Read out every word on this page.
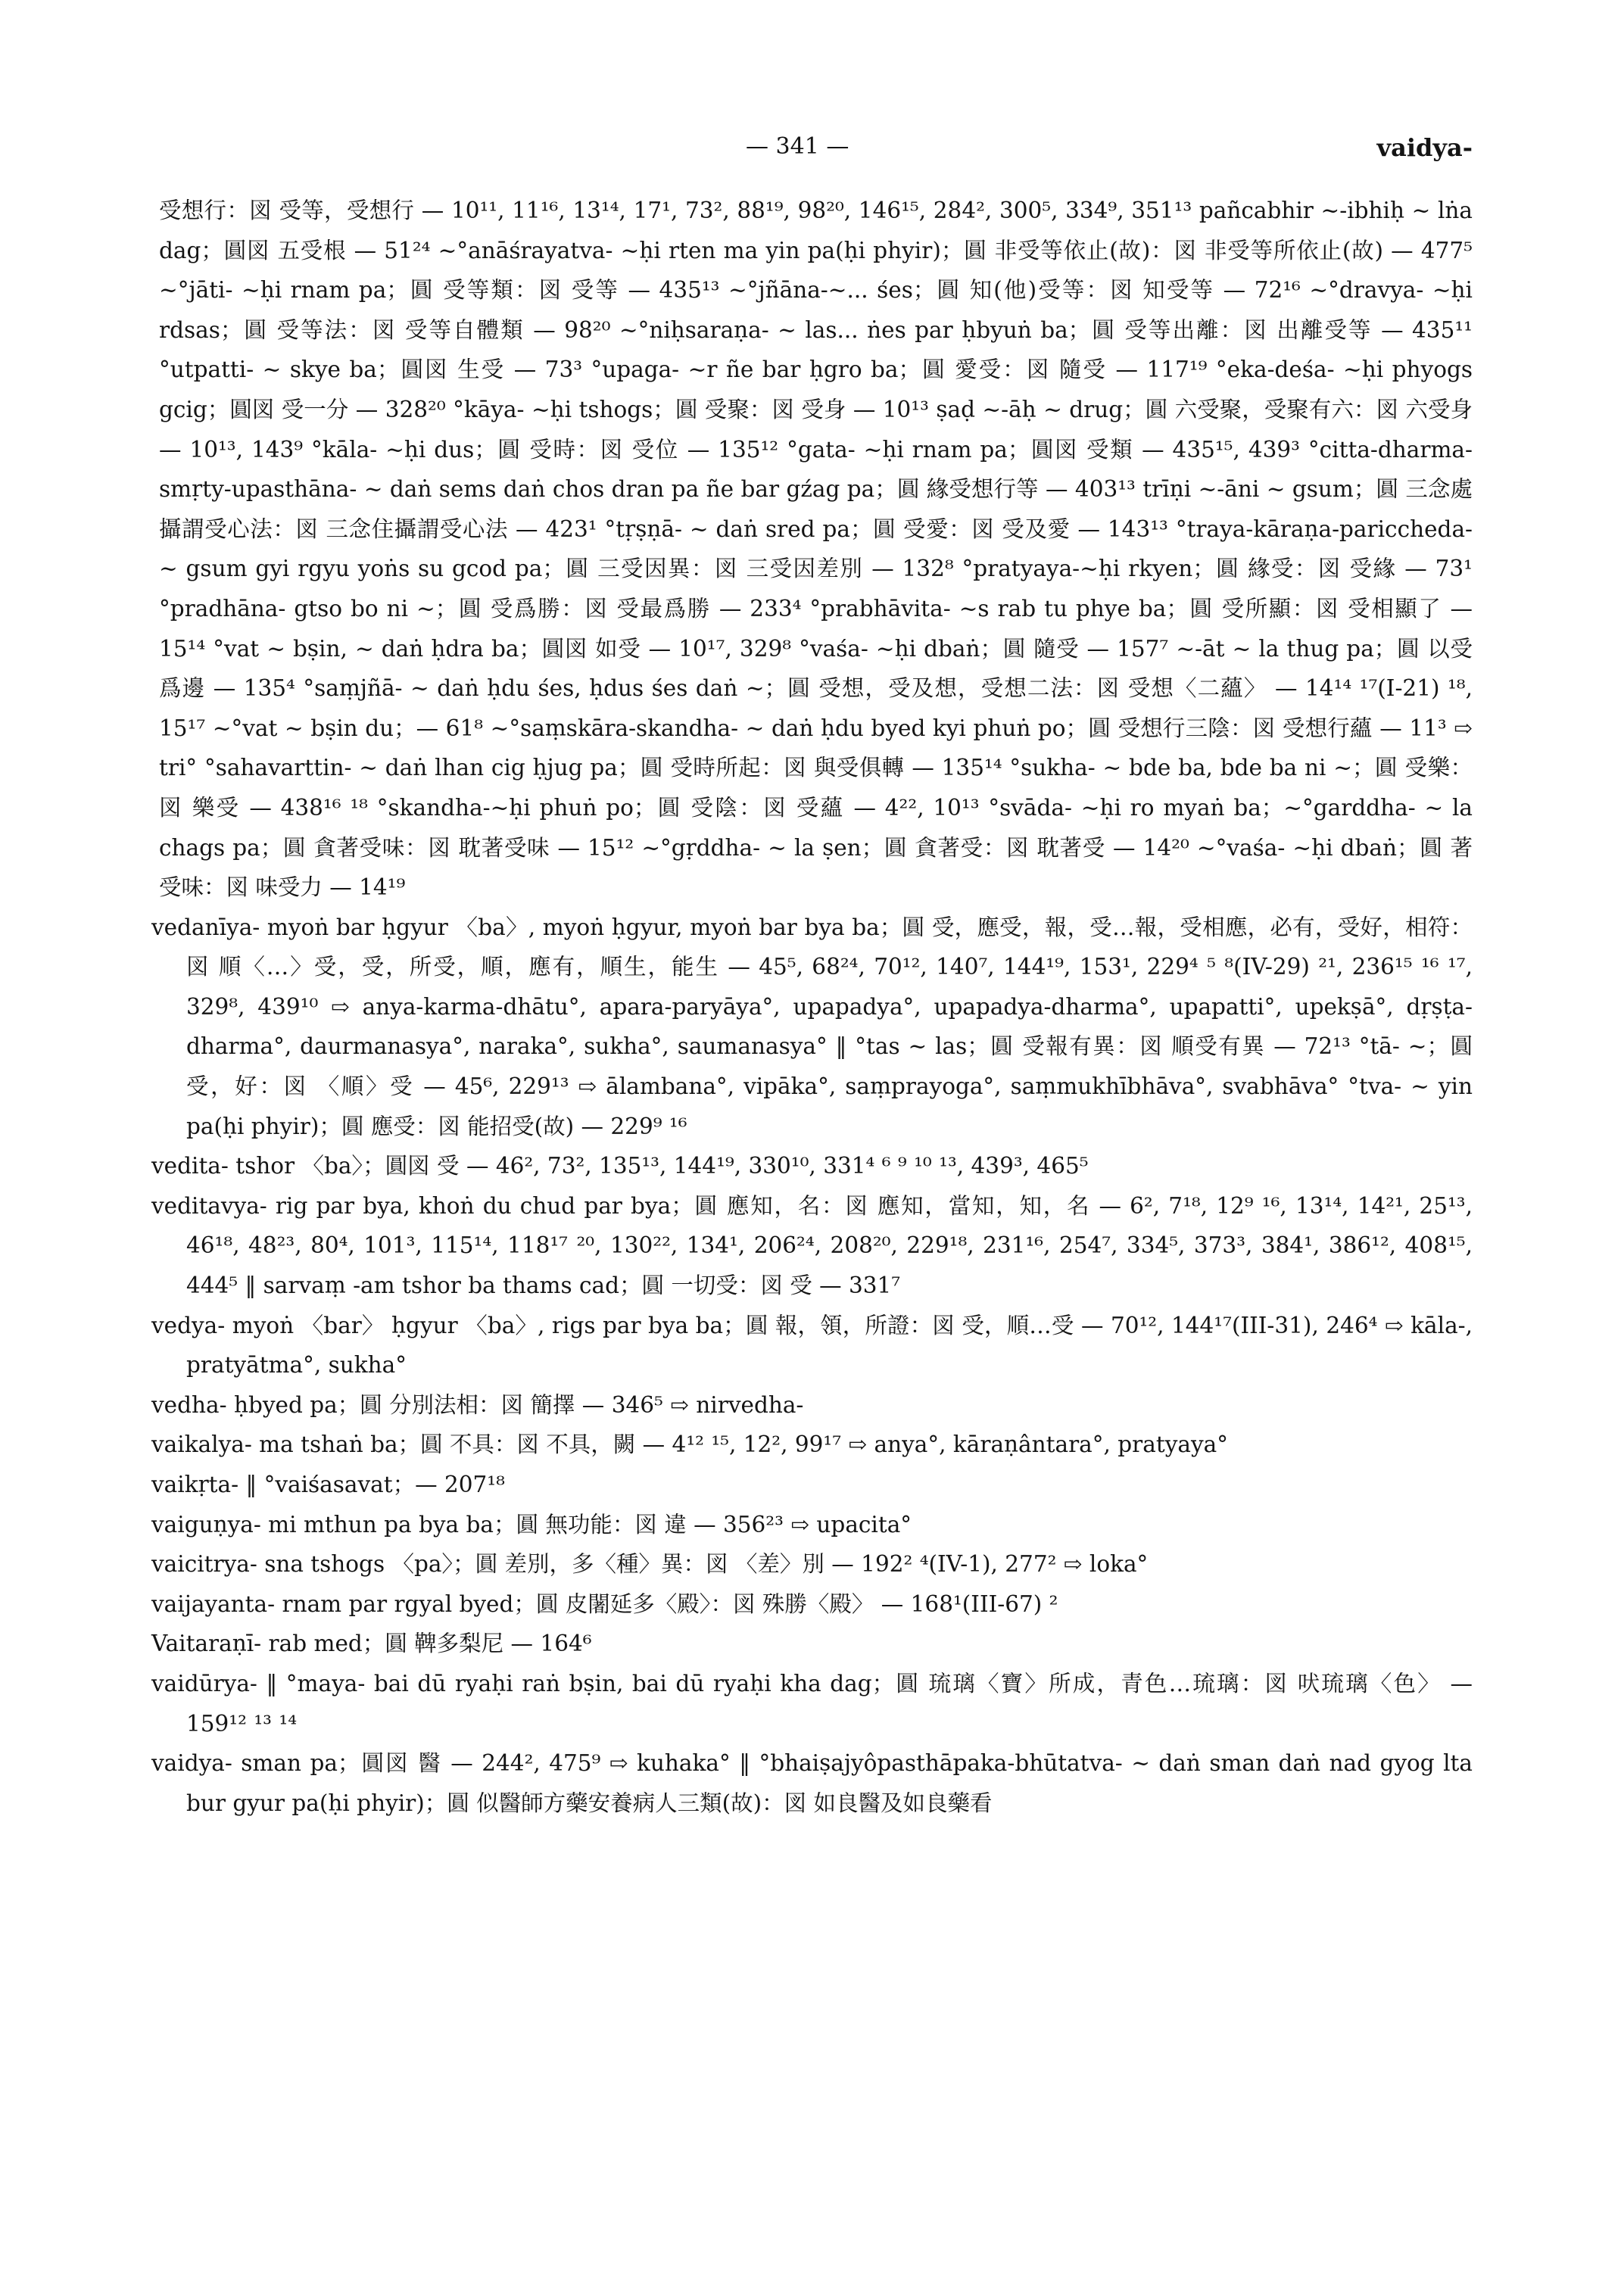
— 341 —	vaidya-
受想行：図 受等，受想行 — 10¹¹, 11¹⁶, 13¹⁴, 17¹, 73², 88¹⁹, 98²⁰, 146¹⁵, 284², 300⁵, 334⁹, 351¹³ pañcabhir ~-ibhiḥ ~ lṅa dag；圓図 五受根 — 51²⁴ ~°anāśrayatva- ~ḥi rten ma yin pa(ḥi phyir)；圓 非受等依止(故)：図 非受等所依止(故) — 477⁵ ~°jāti- ~ḥi rnam pa；圓 受等類：図 受等 — 435¹³ ~°jñāna-~... śes；圓 知(他)受等：図 知受等 — 72¹⁶ ~°dravya- ~ḥi rdsas；圓 受等法：図 受等自體類 — 98²⁰ ~°niḥsaraṇa- ~ las... ṅes par ḥbyuṅ ba；圓 受等出離：図 出離受等 — 435¹¹ °utpatti- ~ skye ba；圓図 生受 — 73³ °upaga- ~r ñe bar ḥgro ba；圓 愛受：図 隨受 — 117¹⁹ °eka-deśa- ~ḥi phyogs gcig；圓図 受一分 — 328²⁰ °kāya- ~ḥi tshogs；圓 受聚：図 受身 — 10¹³ ṣaḍ ~-āḥ ~ drug；圓 六受聚，受聚有六：図 六受身 — 10¹³, 143⁹ °kāla- ~ḥi dus；圓 受時：図 受位 — 135¹² °gata- ~ḥi rnam pa；圓図 受類 — 435¹⁵, 439³ °citta-dharma-smṛty-upasthāna- ~ daṅ sems daṅ chos dran pa ñe bar gźag pa；圓 緣受想行等 — 403¹³ trīṇi ~-āni ~ gsum；圓 三念處攝謂受心法：図 三念住攝謂受心法 — 423¹ °tṛṣṇā- ~ daṅ sred pa；圓 受愛：図 受及愛 — 143¹³ °traya-kāraṇa-pariccheda- ~ gsum gyi rgyu yoṅs su gcod pa；圓 三受因異：図 三受因差別 — 132⁸ °pratyaya-~ḥi rkyen；圓 緣受：図 受緣 — 73¹ °pradhāna- gtso bo ni ~；圓 受爲勝：図 受最爲勝 — 233⁴ °prabhāvita- ~s rab tu phye ba；圓 受所顯：図 受相顯了 — 15¹⁴ °vat ~ bṣin, ~ daṅ ḥdra ba；圓図 如受 — 10¹⁷, 329⁸ °vaśa- ~ḥi dbaṅ；圓 隨受 — 157⁷ ~-āt ~ la thug pa；圓 以受爲邊 — 135⁴ °saṃjñā- ~ daṅ ḥdu śes, ḥdus śes daṅ ~；圓 受想，受及想，受想二法：図 受想〈二蘊〉 — 14¹⁴ ¹⁷(I-21) ¹⁸, 15¹⁷ ~°vat ~ bṣin du；— 61⁸ ~°saṃskāra-skandha- ~ daṅ ḥdu byed kyi phuṅ po；圓 受想行三陰：図 受想行蘊 — 11³ ⇨ tri° °sahavarttin- ~ daṅ lhan cig ḥjug pa；圓 受時所起：図 與受俱轉 — 135¹⁴ °sukha- ~ bde ba, bde ba ni ~；圓 受樂：図 樂受 — 438¹⁶ ¹⁸ °skandha-~ḥi phuṅ po；圓 受陰：図 受蘊 — 4²², 10¹³ °svāda- ~ḥi ro myaṅ ba；~°garddha- ~ la chags pa；圓 貪著受味：図 耽著受味 — 15¹² ~°gṛddha- ~ la ṣen；圓 貪著受：図 耽著受 — 14²⁰ ~°vaśa- ~ḥi dbaṅ；圓 著受味：図 味受力 — 14¹⁹
vedanīya- myoṅ bar ḥgyur 〈ba〉, myoṅ ḥgyur, myoṅ bar bya ba；圓 受，應受，報，受…報，受相應，必有，受好，相符：図 順〈…〉受，受，所受，順，應有，順生，能生 — 45⁵, 68²⁴, 70¹², 140⁷, 144¹⁹, 153¹, 229⁴ ⁵ ⁸(IV-29) ²¹, 236¹⁵ ¹⁶ ¹⁷, 329⁸, 439¹⁰ ⇨ anya-karma-dhātu°, apara-paryāya°, upapadya°, upapadya-dharma°, upapatti°, upekṣā°, dṛṣṭa-dharma°, daurmanasya°, naraka°, sukha°, saumanasya° ‖ °tas ~ las；圓 受報有異：図 順受有異 — 72¹³ °tā- ~；圓 受，好：図 〈順〉受 — 45⁶, 229¹³ ⇨ ālambana°, vipāka°, saṃprayoga°, saṃmukhībhāva°, svabhāva° °tva- ~ yin pa(ḥi phyir)；圓 應受：図 能招受(故) — 229⁹ ¹⁶
vedita- tshor 〈ba〉；圓図 受 — 46², 73², 135¹³, 144¹⁹, 330¹⁰, 331⁴ ⁶ ⁹ ¹⁰ ¹³, 439³, 465⁵
veditavya- rig par bya, khoṅ du chud par bya；圓 應知，名：図 應知，當知，知，名 — 6², 7¹⁸, 12⁹ ¹⁶, 13¹⁴, 14²¹, 25¹³, 46¹⁸, 48²³, 80⁴, 101³, 115¹⁴, 118¹⁷ ²⁰, 130²², 134¹, 206²⁴, 208²⁰, 229¹⁸, 231¹⁶, 254⁷, 334⁵, 373³, 384¹, 386¹², 408¹⁵, 444⁵ ‖ sarvaṃ -am tshor ba thams cad；圓 一切受：図 受 — 331⁷
vedya- myoṅ 〈bar〉 ḥgyur 〈ba〉, rigs par bya ba；圓 報，領，所證：図 受，順…受 — 70¹², 144¹⁷(III-31), 246⁴ ⇨ kāla-, pratyātma°, sukha°
vedha- ḥbyed pa；圓 分別法相：図 簡擇 — 346⁵ ⇨ nirvedha-
vaikalya- ma tshaṅ ba；圓 不具：図 不具，闕 — 4¹² ¹⁵, 12², 99¹⁷ ⇨ anya°, kāraṇântara°, pratyaya°
vaikṛta- ‖ °vaiśasavat；— 207¹⁸
vaiguṇya- mi mthun pa bya ba；圓 無功能：図 違 — 356²³ ⇨ upacita°
vaicitrya- sna tshogs 〈pa〉；圓 差別，多〈種〉異：図 〈差〉別 — 192² ⁴(IV-1), 277² ⇨ loka°
vaijayanta- rnam par rgyal byed；圓 皮闍延多〈殿〉：図 殊勝〈殿〉 — 168¹(III-67) ²
Vaitaraṇī- rab med；圓 鞞多梨尼 — 164⁶
vaidūrya- ‖ °maya- bai dū ryaḥi raṅ bṣin, bai dū ryaḥi kha dag；圓 琉璃〈寶〉所成，青色…琉璃：図 吠琉璃〈色〉 — 159¹² ¹³ ¹⁴
vaidya- sman pa；圓図 醫 — 244², 475⁹ ⇨ kuhaka° ‖ °bhaiṣajyôpasthāpaka-bhūtatva- ~ daṅ sman daṅ nad gyog lta bur gyur pa(ḥi phyir)；圓 似醫師方藥安養病人三類(故)：図 如良醫及如良藥看
